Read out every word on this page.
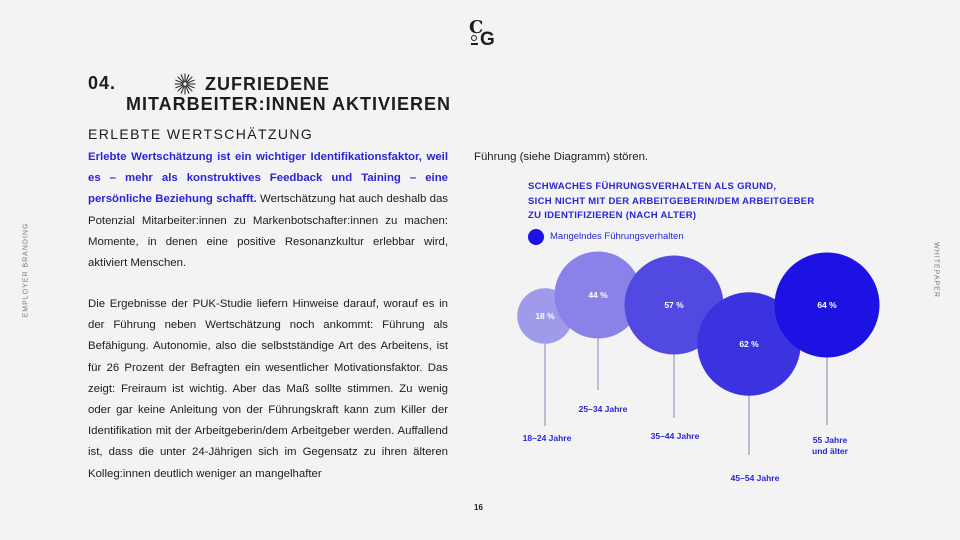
C
G
EMPLOYER BRANDING	WHITEPAPER
04.	ZUFRIEDENE
MITARBEITER:INNEN AKTIVIEREN
ERLEBTE WERTSCHÄTZUNG

Erlebte Wertschätzung ist ein wichtiger Identifikationsfaktor, weil es – mehr als konstruktives Feedback und Taining – eine persönliche Beziehung schafft. Wertschätzung hat auch deshalb das Potenzial Mitarbeiter:innen zu Markenbotschafter:innen zu machen: Momente, in denen eine positive Resonanzkultur erlebbar wird, aktiviert Menschen.

Die Ergebnisse der PUK-Studie liefern Hinweise darauf, worauf es in der Führung neben Wertschätzung noch ankommt: Führung als Befähigung. Autonomie, also die selbstständige Art des Arbeitens, ist für 26 Prozent der Befragten ein wesentlicher Motivationsfaktor. Das zeigt: Freiraum ist wichtig. Aber das Maß sollte stimmen. Zu wenig oder gar keine Anleitung von der Führungskraft kann zum Killer der Identifikation mit der Arbeitgeberin/dem Arbeitgeber werden. Auffallend ist, dass die unter 24-Jährigen sich im Gegensatz zu ihren älteren Kolleg:innen deutlich weniger an mangelhafter

Führung (siehe Diagramm) stören.

SCHWACHES FÜHRUNGSVERHALTEN ALS GRUND,
SICH NICHT MIT DER ARBEITGEBERIN/DEM ARBEITGEBER
ZU IDENTIFIZIEREN (NACH ALTER)
Mangelndes Führungsverhalten
18 %
18–24 Jahre
44 %
25–34 Jahre
57 %
35–44 Jahre
62 %
45–54 Jahre
64 %
55 Jahre
und älter
16
